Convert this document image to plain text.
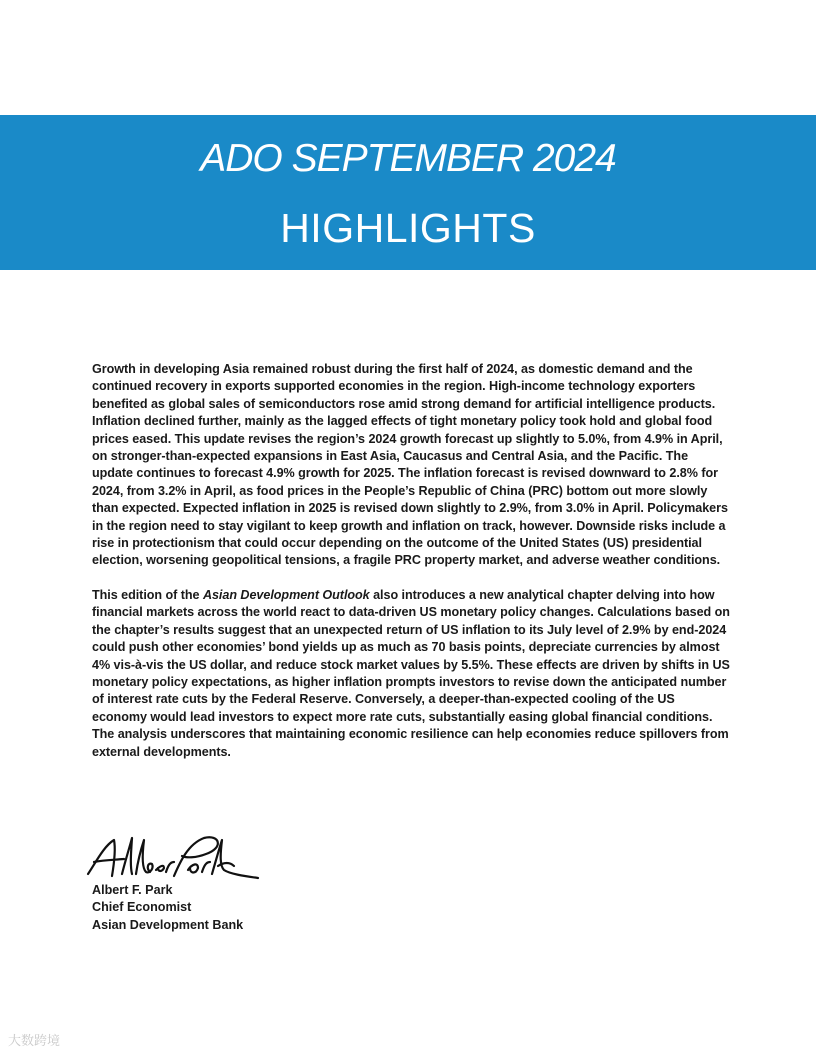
ADO SEPTEMBER 2024
HIGHLIGHTS

Growth in developing Asia remained robust during the first half of 2024, as domestic demand and the continued recovery in exports supported economies in the region. High-income technology exporters benefited as global sales of semiconductors rose amid strong demand for artificial intelligence products. Inflation declined further, mainly as the lagged effects of tight monetary policy took hold and global food prices eased. This update revises the region’s 2024 growth forecast up slightly to 5.0%, from 4.9% in April, on stronger-than-expected expansions in East Asia, Caucasus and Central Asia, and the Pacific. The update continues to forecast 4.9% growth for 2025. The inflation forecast is revised downward to 2.8% for 2024, from 3.2% in April, as food prices in the People’s Republic of China (PRC) bottom out more slowly than expected. Expected inflation in 2025 is revised down slightly to 2.9%, from 3.0% in April. Policymakers in the region need to stay vigilant to keep growth and inflation on track, however. Downside risks include a rise in protectionism that could occur depending on the outcome of the United States (US) presidential election, worsening geopolitical tensions, a fragile PRC property market, and adverse weather conditions.

This edition of the Asian Development Outlook also introduces a new analytical chapter delving into how financial markets across the world react to data-driven US monetary policy changes. Calculations based on the chapter’s results suggest that an unexpected return of US inflation to its July level of 2.9% by end-2024 could push other economies’ bond yields up as much as 70 basis points, depreciate currencies by almost 4% vis-à-vis the US dollar, and reduce stock market values by 5.5%. These effects are driven by shifts in US monetary policy expectations, as higher inflation prompts investors to revise down the anticipated number of interest rate cuts by the Federal Reserve. Conversely, a deeper-than-expected cooling of the US economy would lead investors to expect more rate cuts, substantially easing global financial conditions. The analysis underscores that maintaining economic resilience can help economies reduce spillovers from external developments.

Albert F. Park
Chief Economist
Asian Development Bank
大数跨境
